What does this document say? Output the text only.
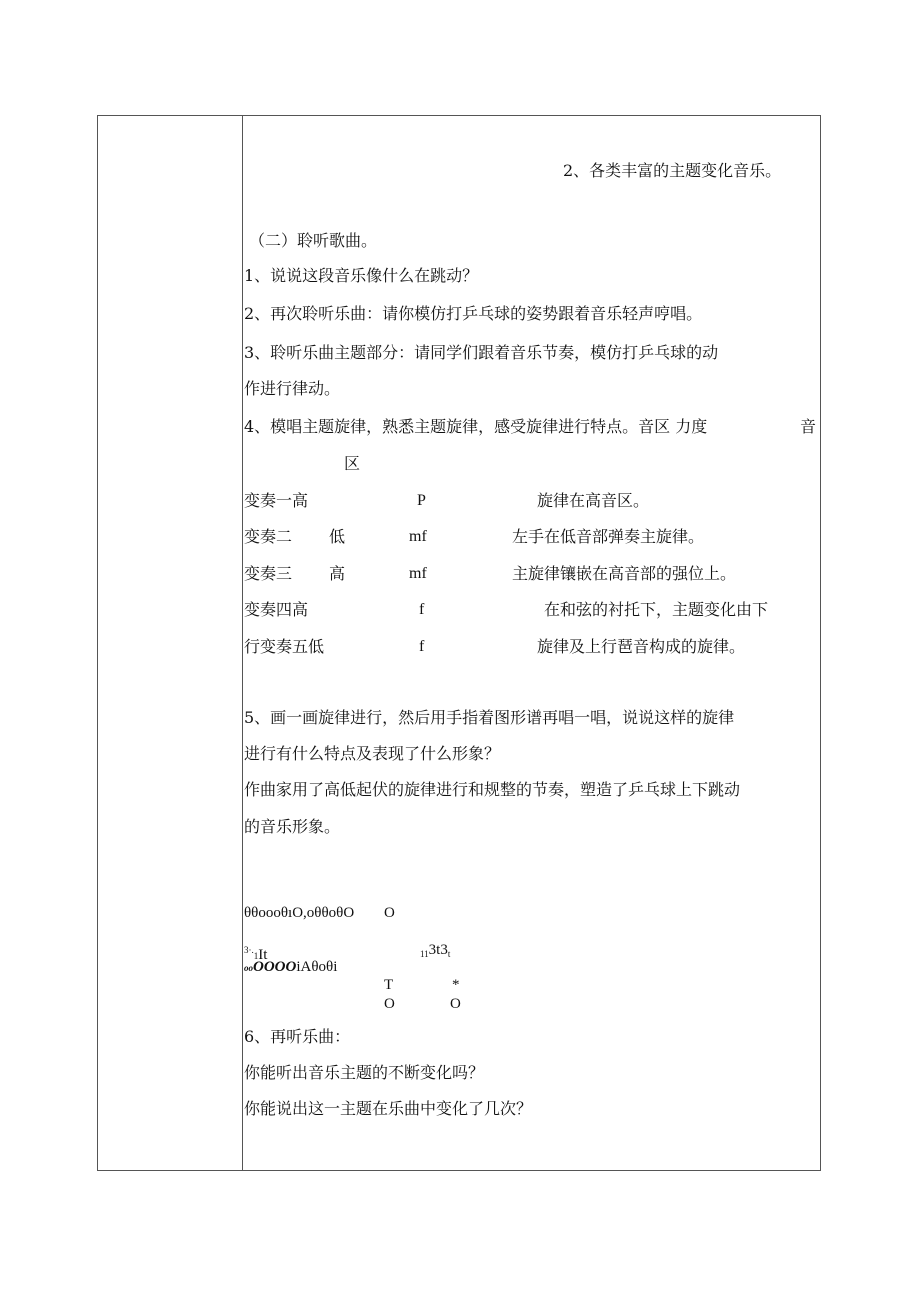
2、各类丰富的主题变化音乐。
（二）聆听歌曲。
1、说说这段音乐像什么在跳动？
2、再次聆听乐曲：请你模仿打乒乓球的姿势跟着音乐轻声哼唱。
3、聆听乐曲主题部分：请同学们跟着音乐节奏，模仿打乒乓球的动
作进行律动。
4、模唱主题旋律，熟悉主题旋律，感受旋律进行特点。音区 力度	音
区
变奏一高	P	旋律在高音区。
变奏二 低	mf	左手在低音部弹奏主旋律。
变奏三 高	mf	主旋律镶嵌在高音部的强位上。
变奏四高	f	在和弦的衬托下，主题变化由下
行变奏五低	f	旋律及上行琶音构成的旋律。
5、画一画旋律进行，然后用手指着图形谱再唱一唱，说说这样的旋律
进行有什么特点及表现了什么形象？
作曲家用了高低起伏的旋律进行和规整的节奏，塑造了乒乓球上下跳动
的音乐形象。
θθoooθıO,oθθoθO O
$^{3\cdot.}$1It	$_{11}3t3_t$
ooOOOOiAθoθi
T	*
O	O
6、再听乐曲：
你能听出音乐主题的不断变化吗？
你能说出这一主题在乐曲中变化了几次？
